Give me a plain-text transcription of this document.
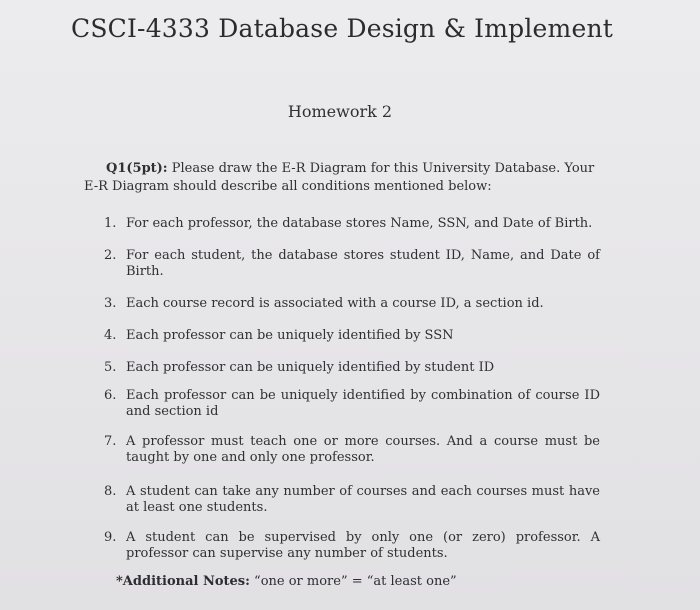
CSCI-4333 Database Design & Implement
Homework 2
Q1(5pt): Please draw the E-R Diagram for this University Database. Your
E-R Diagram should describe all conditions mentioned below:
1. For each professor, the database stores Name, SSN, and Date of Birth.
2. For each student, the database stores student ID, Name, and Date of Birth.
3. Each course record is associated with a course ID, a section id.
4. Each professor can be uniquely identified by SSN
5. Each professor can be uniquely identified by student ID
6. Each professor can be uniquely identified by combination of course ID and section id
7. A professor must teach one or more courses. And a course must be taught by one and only one professor.
8. A student can take any number of courses and each courses must have at least one students.
9. A student can be supervised by only one (or zero) professor. A professor can supervise any number of students.
*Additional Notes: “one or more” = “at least one”
